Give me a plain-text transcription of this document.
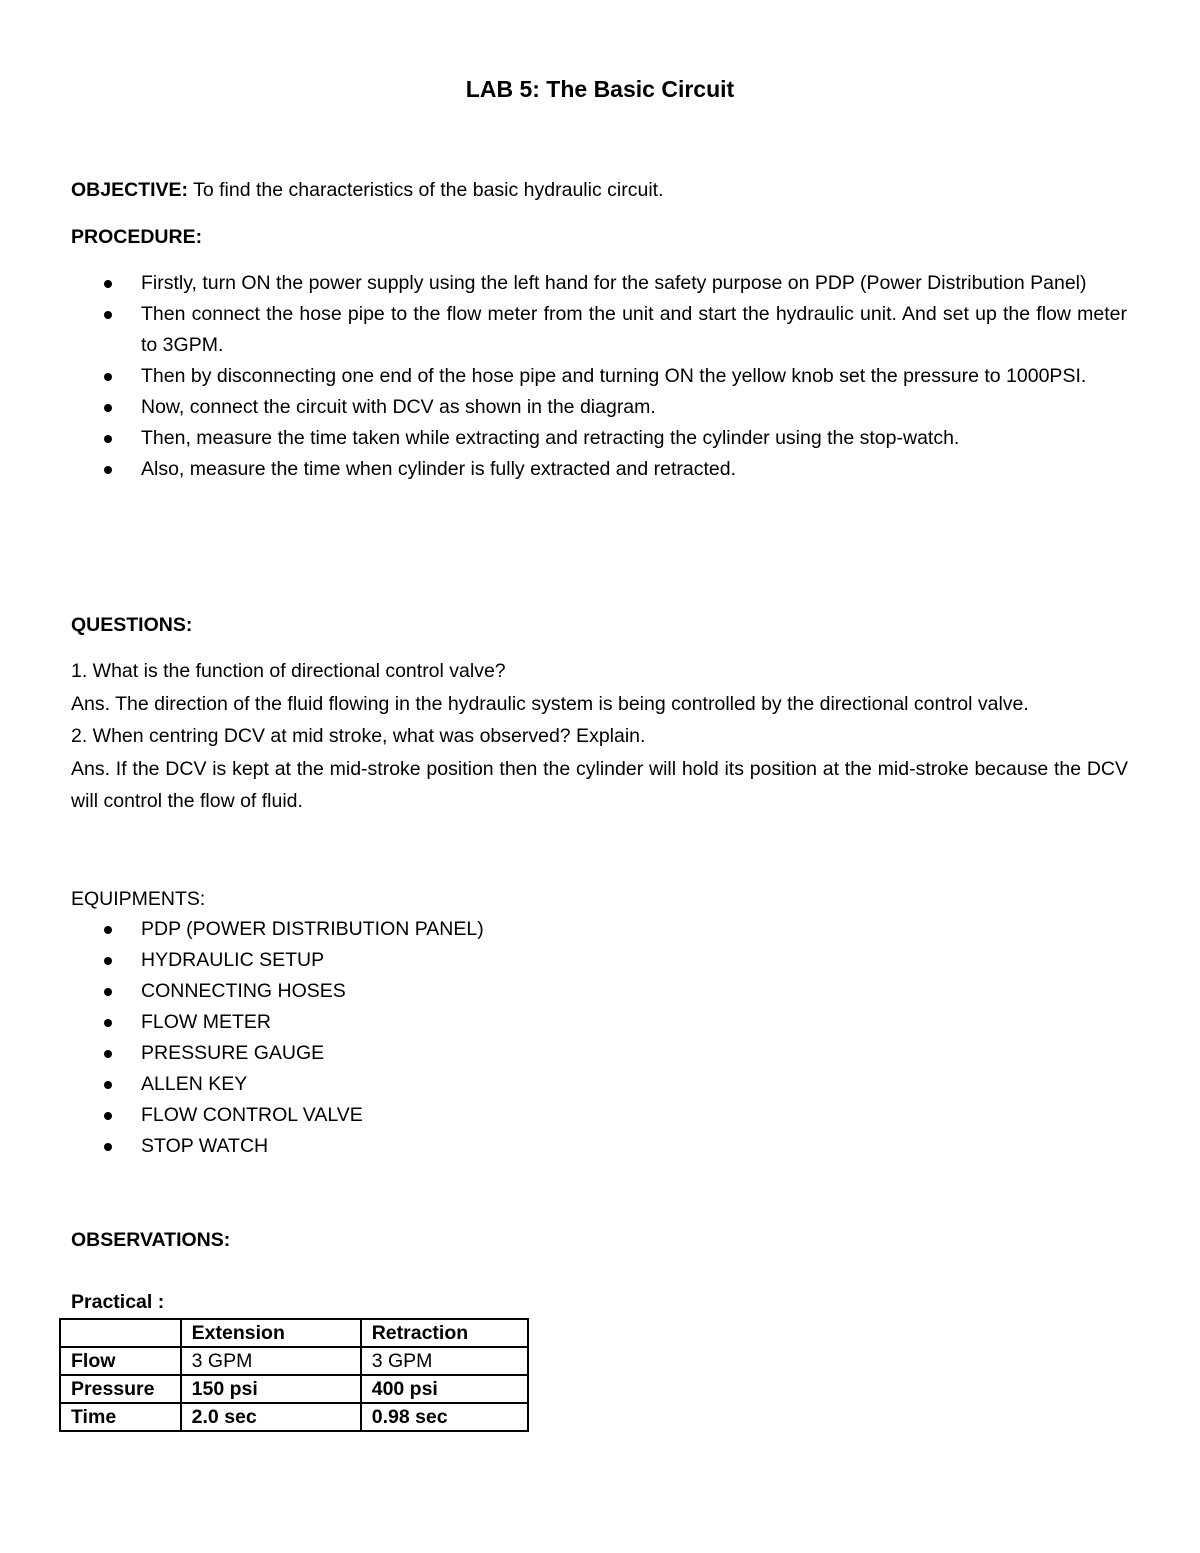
LAB 5: The Basic Circuit
OBJECTIVE: To find the characteristics of the basic hydraulic circuit.
PROCEDURE:
Firstly, turn ON the power supply using the left hand for the safety purpose on PDP (Power Distribution Panel)
Then connect the hose pipe to the flow meter from the unit and start the hydraulic unit. And set up the flow meter to 3GPM.
Then by disconnecting one end of the hose pipe and turning ON the yellow knob set the pressure to 1000PSI.
Now, connect the circuit with DCV as shown in the diagram.
Then, measure the time taken while extracting and retracting the cylinder using the stop-watch.
Also, measure the time when cylinder is fully extracted and retracted.
QUESTIONS:

1. What is the function of directional control valve?

Ans. The direction of the fluid flowing in the hydraulic system is being controlled by the directional control valve.

2. When centring DCV at mid stroke, what was observed? Explain.

Ans. If the DCV is kept at the mid-stroke position then the cylinder will hold its position at the mid-stroke because the DCV will control the flow of fluid.

EQUIPMENTS:
PDP (POWER DISTRIBUTION PANEL)
HYDRAULIC SETUP
CONNECTING HOSES
FLOW METER
PRESSURE GAUGE
ALLEN KEY
FLOW CONTROL VALVE
STOP WATCH
OBSERVATIONS:
Practical :
	Extension	Retraction
Flow	3 GPM	3 GPM
Pressure	150 psi	400 psi
Time	2.0 sec	0.98 sec
